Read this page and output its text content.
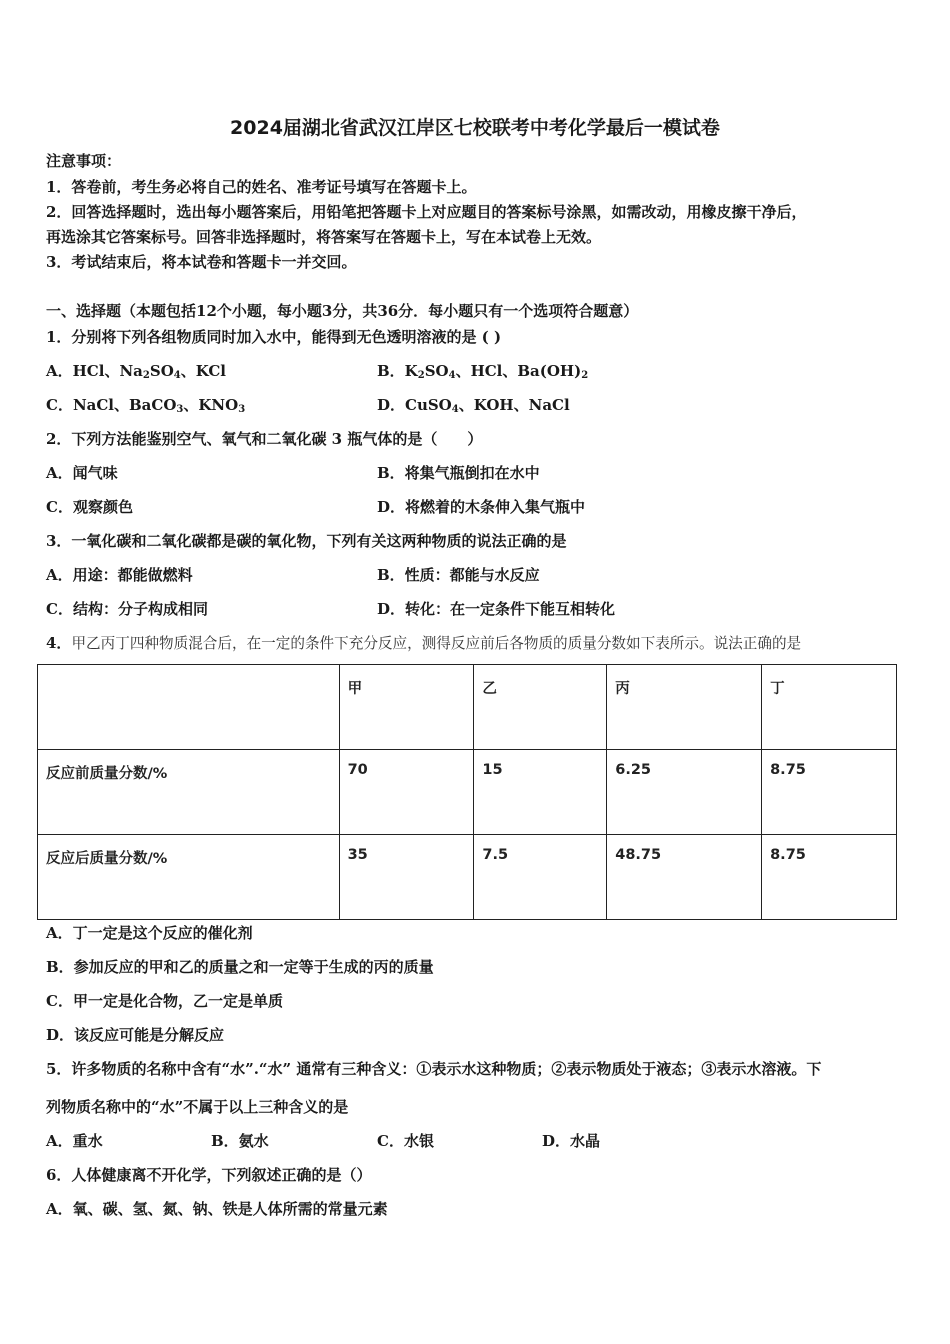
2024届湖北省武汉江岸区七校联考中考化学最后一模试卷
注意事项：
1．答卷前，考生务必将自己的姓名、准考证号填写在答题卡上。
2．回答选择题时，选出每小题答案后，用铅笔把答题卡上对应题目的答案标号涂黑，如需改动，用橡皮擦干净后，
再选涂其它答案标号。回答非选择题时，将答案写在答题卡上，写在本试卷上无效。
3．考试结束后，将本试卷和答题卡一并交回。
一、选择题（本题包括12个小题，每小题3分，共36分．每小题只有一个选项符合题意）
1．分别将下列各组物质同时加入水中，能得到无色透明溶液的是 ( )
A．HCl、$Na_2SO_4$、KCl	B．$K_2SO_4$、HCl、$Ba(OH)_2$
C．NaCl、BaCO$_3$、$KNO_3$	D．CuSO$_4$、KOH、NaCl
2．下列方法能鉴别空气、氧气和二氧化碳 3 瓶气体的是（　　）
A．闻气味	B．将集气瓶倒扣在水中
C．观察颜色	D．将燃着的木条伸入集气瓶中
3．一氧化碳和二氧化碳都是碳的氧化物，下列有关这两种物质的说法正确的是
A．用途：都能做燃料	B．性质：都能与水反应
C．结构：分子构成相同	D．转化：在一定条件下能互相转化
4．甲乙丙丁四种物质混合后，在一定的条件下充分反应，测得反应前后各物质的质量分数如下表所示。说法正确的是
	甲	乙	丙	丁
反应前质量分数/%	70	15	6.25	8.75
反应后质量分数/%	35	7.5	48.75	8.75
A．丁一定是这个反应的催化剂
B．参加反应的甲和乙的质量之和一定等于生成的丙的质量
C．甲一定是化合物，乙一定是单质
D．该反应可能是分解反应
5．许多物质的名称中含有“水”.“水” 通常有三种含义：①表示水这种物质；②表示物质处于液态；③表示水溶液。下
列物质名称中的“水”不属于以上三种含义的是
A．重水	B．氨水	C．水银	D．水晶
6．人体健康离不开化学，下列叙述正确的是（）
A．氧、碳、氢、氮、钠、铁是人体所需的常量元素
